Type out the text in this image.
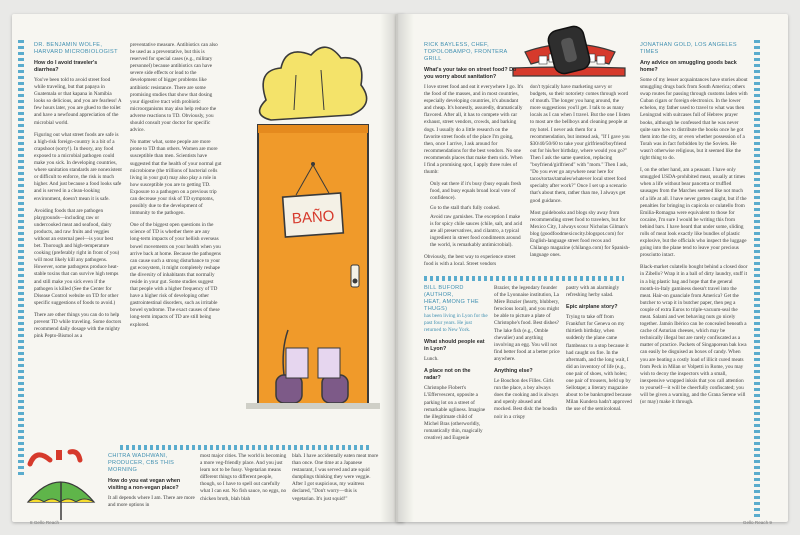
DR. BENJAMIN WOLFE,
HARVARD MICROBIOLOGIST
How do I avoid traveler's diarrhea?

You've been told to avoid street food while traveling, but that papaya in Guatemala or that kapana in Namibia looks so delicious, and you are fearless! A few hours later, you are glued to the toilet and have a newfound appreciation of the microbial world.

Figuring out what street foods are safe is a high-risk foreign-country is a bit of a crapshoot (sorry!). In theory, any food exposed to a microbial pathogen could make you sick. In developing countries, where sanitation standards are nonexistent or difficult to enforce, the risk is much higher. And just because a food looks safe and is served in a clean-looking environment, doesn't mean it is safe.

Avoiding foods that are pathogen playgrounds—including raw or undercooked meat and seafood, dairy products, and raw fruits and veggies without an external peel—is your best bet. Thorough and high-temperature cooking (preferably right in front of you) will most likely kill any pathogens. However, some pathogens produce heat-stable toxins that can survive high temps and still make you sick even if the pathogen is killed (See the Center for Disease Control website on TD for other specific suggestions of foods to avoid.)

There are other things you can do to help prevent TD while traveling. Some doctors recommend daily dosage with the mighty pink Pepto-Bismol as a

preventative measure. Antibiotics can also be used as a preventative, but this is reserved for special cases (e.g., military personnel) because antibiotics can have severe side effects or lead to the development of bigger problems like antibiotic resistance. There are some promising studies that show that dosing your digestive tract with probiotic microorganisms may also help reduce the adverse reactions to TD. Obviously, you should consult your doctor for specific advice.

No matter what, some people are more prone to TD than others. Women are more susceptible than men. Scientists have suggested that the health of your normal gut microbiome (the trillions of bacterial cells living in your gut) may also play a role in how susceptible you are to getting TD. Exposure to a pathogen on a previous trip can decrease your risk of TD symptoms, possibly due to the development of immunity to the pathogen.

One of the biggest open questions in the science of TD is whether there are any long-term impacts of your hellish overseas bowel movements on your health when you arrive back at home. Because the pathogens can cause such a strong disturbance to your gut ecosystem, it might completely reshape the diversity of inhabitants that normally reside in your gut. Some studies suggest that people with a higher frequency of TD have a higher risk of developing other gastrointestinal disorders, such as irritable bowel syndrome. The exact causes of these long-term impacts of TD are still being explored.

BAÑO
CHITRA WADHWANI,
PRODUCER, CBS THIS MORNING
How do you eat vegan when visiting a non-vegan place?

It all depends where I am. There are more and more options in

most major cities. The world is becoming a more veg-friendly place. And you just learn not to be fussy. Vegetarian means different things to different people, though, so I have to spell out carefully what I can eat. No fish sauce, no eggs, no chicken broth, blah blah

blah. I have accidentally eaten meat more than once. One time at a Japanese restaurant, I was served and ate squid dumplings thinking they were veggie. After I got suspicious, my waitress declared, "Don't worry—this is vegetarian. It's just squid!"

8 Gello Reach
RICK BAYLESS, CHEF,
TOPOLOBAMPO, FRONTERA GRILL
What's your take on street food? Do you worry about sanitation?

I love street food and eat it everywhere I go. It's the food of the masses, and in most countries, especially developing countries, it's abundant and cheap. It's honestly, assuredly, dramatically flavored. After all, it has to compete with car exhaust, street vendors, crowds, and barking dogs. I usually do a little research on the favorite street foods of the place I'm going, then, once I arrive, I ask around for recommendations for the best vendors. No one recommends places that make them sick. When I find a promising spot, I apply three rules of thumb:

• Only eat there if it's busy (busy equals fresh food, and busy equals broad local vote of confidence).
• Go to the stall that's fully cooked.
• Avoid raw garnishes. The exception I make is for spicy chile sauces (chile, salt, and acid are all preservatives, and cilantro, a typical ingredient in street food condiments around the world, is remarkably antimicrobial).

Obviously, the best way to experience street food is with a local. Street vendors

don't typically have marketing savvy or budgets, so their notoriety comes through word of mouth. The longer you hang around, the more suggestions you'll get. I talk to as many locals as I can when I travel. But the one I listen to most are the bellboys and cleaning people at my hotel. I never ask them for a recommendation, but instead ask, "If I gave you $30/40/50/60 to take your girlfriend/boyfriend out for his/her birthday, where would you go?" Then I ask the same question, replacing "boyfriend/girlfriend" with "mom." Then I ask, "Do you ever go anywhere near here for tacos/tortas/tamales/whatever local street food specialty after work?" Once I set up a scenario that's about them, rather than me, I always get good guidance.

Most guidebooks and blogs shy away from recommending street food to travelers, but for Mexico City, I always scour Nicholas Gilman's blog (goodfoodmexicocity.blogspot.com) for English-language street food recos and Chilango magazine (chilango.com) for Spanish-language ones.

JONATHAN GOLD, LOS ANGELES TIMES
Any advice on smuggling goods back home?

Some of my lesser acquaintances have stories about smuggling drugs back from South America; others swap routes for passing through customs laden with Cuban cigars or foreign electronics. In the lower echelon, my father used to travel to what was then Leningrad with suitcases full of Hebrew prayer books, although he confessed that he was never quite sure how to distribute the books once he got them into the city, or even whether possession of a Torah was in fact forbidden by the Soviets. He wasn't otherwise religious, but it seemed like the right thing to do.

I, on the other hand, am a peasant. I have only smuggled USDA-prohibited meat, usually at times when a life without bear pancetta or truffled sausages from the Marches seemed like not much of a life at all. I have never gotten caught, but if the penalties for bringing in capicola or culatello from Emilia-Romagna were equivalent to those for cocaine, I'm sure I would be writing this from behind bars. I have heard that under some, sliding rolls of meat look exactly like bundles of plastic explosive, but the officials who inspect the luggage going into the plane tend to leave your precious prosciutto intact.

Black-market culatello bought behind a closed door in Zibello? Wrap it in a ball of dirty laundry, stuff it in a big plastic bag and hope that the general month-in-Italy gaminess doesn't travel into the meat. Hair-on guanciale from America? Get the butcher to wrap it in butcher paper, then peg a couple of extra Euros to triple-vacuum-seal the meat. Salami and wet behaving nuts go nicely together. Jamón Ibérico can be concealed beneath a cache of Asturian cheeses, which may be technically illegal but are rarely confiscated as a matter of practice. Packets of Singaporean bak kwa can easily be disguised as boxes of candy. When you are beating a costly load of illicit cured meats from Peck in Milan or Volpetti in Rome, you may wish to decoy the inspectors with a small, inexpensive wrapped inksis that you call attention to yourself—it will be cheerfully confiscated; you will be given a warning, and the Grana Serene will (or may) make it through.

BILL BUFORD (AUTHOR,
HEAT, AMONG THE THUGS)

has been living in Lyon for the past four years. He just returned to New York.

What should people eat in Lyon?

Lunch.

A place not on the radar?

Christophe Flobert's L'Effervescent, opposite a parking lot on a street of remarkable ugliness. Imagine the illegitimate child of Michel Bras (otherworldly, romantically thin, magically creative) and Eugenie

Brazier, the legendary founder of the Lyonnaise institution, La Mère Brazier (hearty, blubbery, ferocious local), and you might be able to picture a plate of Christophe's food. Best dishes? The lake fish (e.g., Omble chevalier) and anything involving an egg. You will not find better food at a better price anywhere.

Anything else?

Le Bouchon des Filles. Girls run the place, a boy always does the cooking and is always and openly abused and mocked. Best dish: the boudin noir in a crispy

pastry with an alarmingly refreshing herby salad.

Epic airplane story?

Trying to take off from Frankfurt for Geneva on my thirtieth birthday, when suddenly the plane came flambeaux to a stop because it had caught on fire. In the aftermath, and the long wait, I did an inventory of life (e.g., one pair of shoes, with holes; one pair of trousers, held up by Sellotape; a literary magazine about to be bankrupted because Milan Kundera hadn't approved the use of the semicolonal.

Gello Reach 9
